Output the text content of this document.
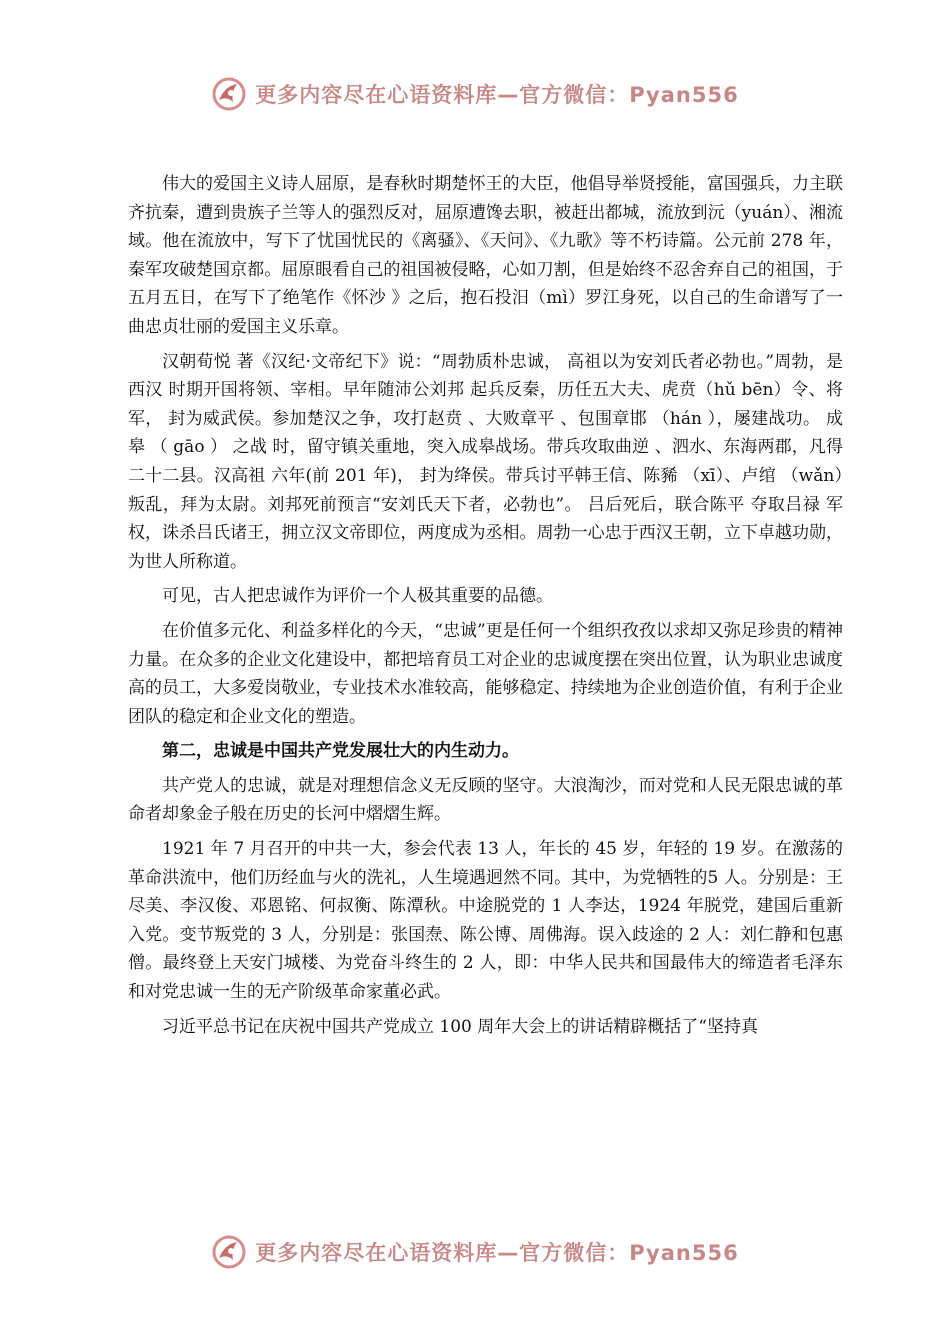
更多内容尽在心语资料库—官方微信：Pyan556

伟大的爱国主义诗人屈原，是春秋时期楚怀王的大臣，他倡导举贤授能，富国强兵，力主联齐抗秦，遭到贵族子兰等人的强烈反对，屈原遭馋去职，被赶出都城，流放到沅（yuán）、湘流域。他在流放中，写下了忧国忧民的《离骚》、《天问》、《九歌》等不朽诗篇。公元前 278 年，秦军攻破楚国京都。屈原眼看自己的祖国被侵略，心如刀割，但是始终不忍舍弃自己的祖国，于五月五日，在写下了绝笔作《怀沙 》之后，抱石投汨（mì）罗江身死，以自己的生命谱写了一曲忠贞壮丽的爱国主义乐章。

汉朝荀悦 著《汉纪·文帝纪下》说：“周勃质朴忠诚， 高祖以为安刘氏者必勃也。”周勃，是西汉 时期开国将领、宰相。早年随沛公刘邦 起兵反秦，历任五大夫、虎贲（hǔ bēn）令、将军， 封为威武侯。参加楚汉之争，攻打赵贲 、大败章平 、包围章邯 （hán ），屡建战功。 成皋 （ gāo ） 之战 时，留守镇关重地，突入成皋战场。带兵攻取曲逆 、泗水、东海两郡，凡得二十二县。汉高祖 六年(前 201 年)， 封为绛侯。带兵讨平韩王信、陈豨 （xī）、卢绾 （wǎn）叛乱，拜为太尉。刘邦死前预言“安刘氏天下者，必勃也”。 吕后死后，联合陈平 夺取吕禄 军权，诛杀吕氏诸王，拥立汉文帝即位，两度成为丞相。周勃一心忠于西汉王朝，立下卓越功勋，为世人所称道。

可见，古人把忠诚作为评价一个人极其重要的品德。

在价值多元化、利益多样化的今天，“忠诚”更是任何一个组织孜孜以求却又弥足珍贵的精神力量。在众多的企业文化建设中，都把培育员工对企业的忠诚度摆在突出位置，认为职业忠诚度高的员工，大多爱岗敬业，专业技术水准较高，能够稳定、持续地为企业创造价值，有利于企业团队的稳定和企业文化的塑造。

第二，忠诚是中国共产党发展壮大的内生动力。

共产党人的忠诚，就是对理想信念义无反顾的坚守。大浪淘沙，而对党和人民无限忠诚的革命者却象金子般在历史的长河中熠熠生辉。

1921 年 7 月召开的中共一大，参会代表 13 人，年长的 45 岁，年轻的 19 岁。在激荡的革命洪流中，他们历经血与火的洗礼，人生境遇迥然不同。其中，为党牺牲的5 人。分别是：王尽美、李汉俊、邓恩铭、何叔衡、陈潭秋。中途脱党的 1 人李达，1924 年脱党，建国后重新入党。变节叛党的 3 人，分别是：张国焘、陈公博、周佛海。误入歧途的 2 人：刘仁静和包惠僧。最终登上天安门城楼、为党奋斗终生的 2 人，即：中华人民共和国最伟大的缔造者毛泽东和对党忠诚一生的无产阶级革命家董必武。

习近平总书记在庆祝中国共产党成立 100 周年大会上的讲话精辟概括了“坚持真

更多内容尽在心语资料库—官方微信：Pyan556
